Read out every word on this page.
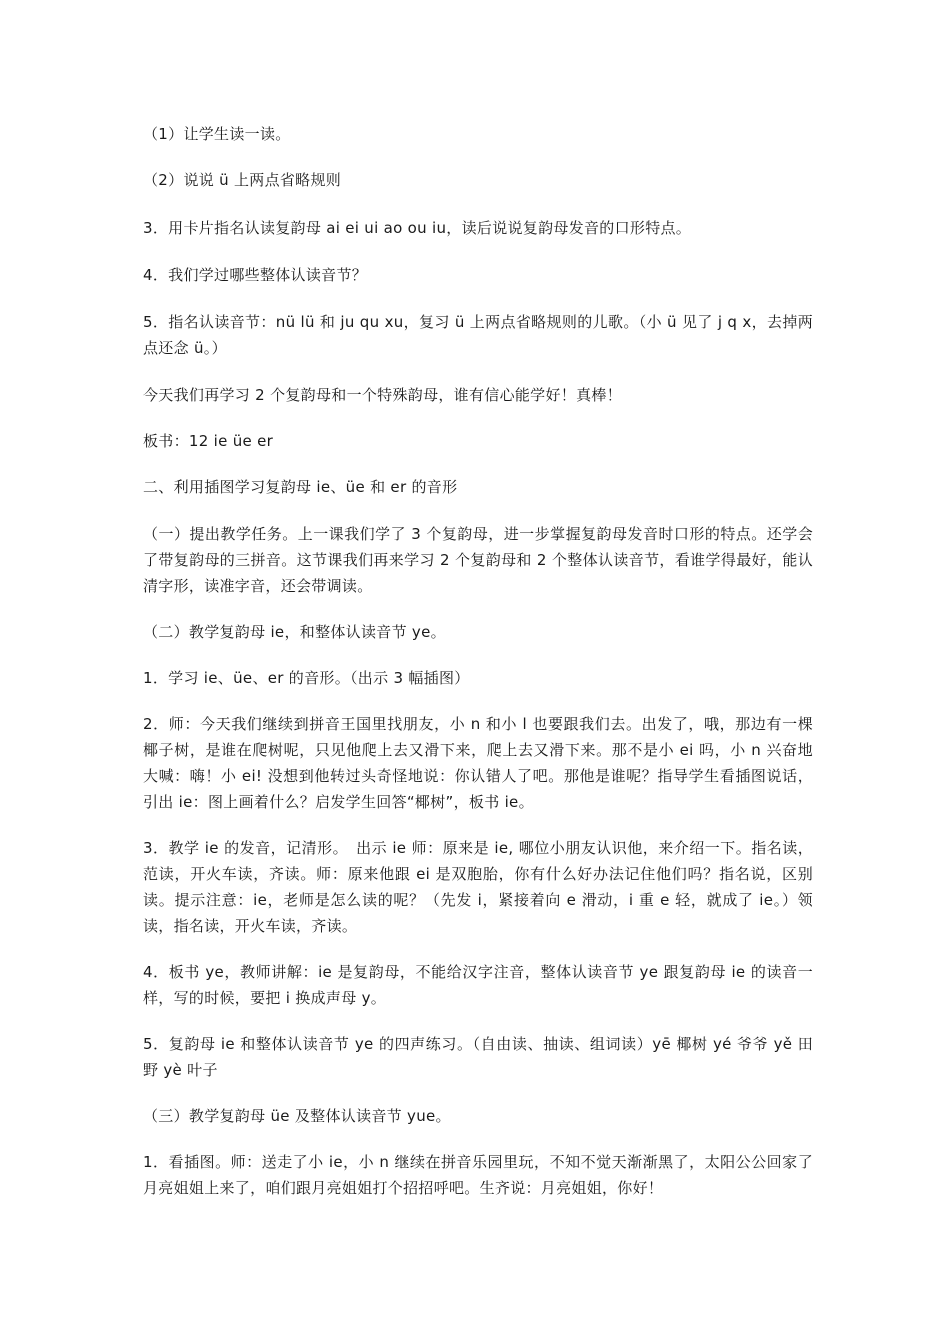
（1）让学生读一读。

（2）说说 ü 上两点省略规则

3．用卡片指名认读复韵母 ai ei ui ao ou iu，读后说说复韵母发音的口形特点。

4．我们学过哪些整体认读音节？

5．指名认读音节：nü lü 和 ju qu xu，复习 ü 上两点省略规则的儿歌。（小 ü 见了 j q x，去掉两点还念 ü。）

今天我们再学习 2 个复韵母和一个特殊韵母，谁有信心能学好！真棒！

板书：12 ie üe er

二、利用插图学习复韵母 ie、üe 和 er 的音形

（一）提出教学任务。上一课我们学了 3 个复韵母，进一步掌握复韵母发音时口形的特点。还学会了带复韵母的三拼音。这节课我们再来学习 2 个复韵母和 2 个整体认读音节，看谁学得最好，能认清字形，读准字音，还会带调读。

（二）教学复韵母 ie，和整体认读音节 ye。

1．学习 ie、üe、er 的音形。（出示 3 幅插图）

2．师：今天我们继续到拼音王国里找朋友，小 n 和小 l 也要跟我们去。出发了，哦，那边有一棵椰子树，是谁在爬树呢，只见他爬上去又滑下来，爬上去又滑下来。那不是小 ei 吗，小 n 兴奋地大喊：嗨！小 ei! 没想到他转过头奇怪地说：你认错人了吧。那他是谁呢？指导学生看插图说话，引出 ie：图上画着什么？启发学生回答“椰树”，板书 ie。

3．教学 ie 的发音，记清形。　出示 ie 师：原来是 ie, 哪位小朋友认识他，来介绍一下。指名读，范读，开火车读，齐读。师：原来他跟 ei 是双胞胎，你有什么好办法记住他们吗？指名说，区别读。提示注意：ie，老师是怎么读的呢？（先发 i，紧接着向 e 滑动，i 重 e 轻，就成了 ie。）领读，指名读，开火车读，齐读。

4．板书 ye，教师讲解：ie 是复韵母，不能给汉字注音，整体认读音节 ye 跟复韵母 ie 的读音一样，写的时候，要把 i 换成声母 y。

5．复韵母 ie 和整体认读音节 ye 的四声练习。（自由读、抽读、组词读）yē 椰树 yé 爷爷 yě 田野 yè 叶子

（三）教学复韵母 üe 及整体认读音节 yue。

1．看插图。师：送走了小 ie，小 n 继续在拼音乐园里玩，不知不觉天渐渐黑了，太阳公公回家了月亮姐姐上来了，咱们跟月亮姐姐打个招招呼吧。生齐说：月亮姐姐，你好！
